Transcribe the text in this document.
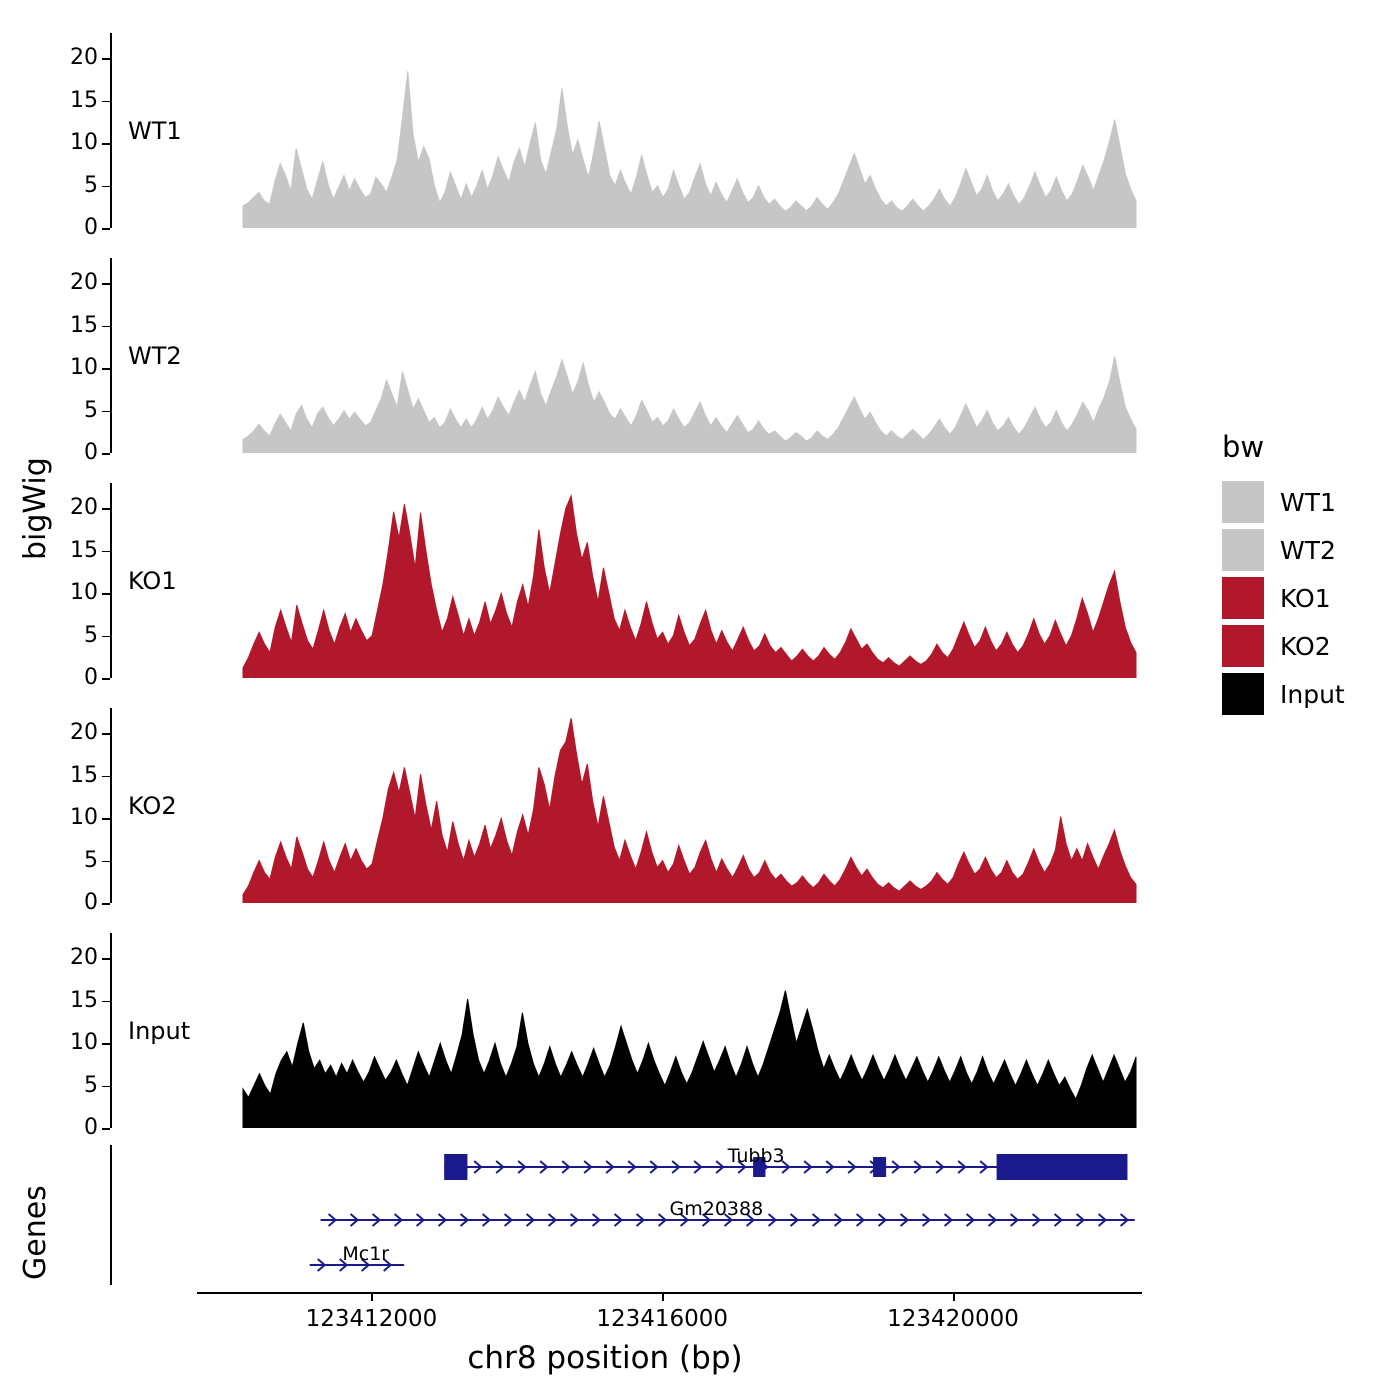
bigWig
Genes
0
5
10
15
20
WT1
0
5
10
15
20
WT2
0
5
10
15
20
KO1
0
5
10
15
20
KO2
0
5
10
15
20
Input
Tubb3
Gm20388
Mc1r
123412000	123416000	123420000
chr8 position (bp)
bw
WT1
WT2
KO1
KO2
Input
